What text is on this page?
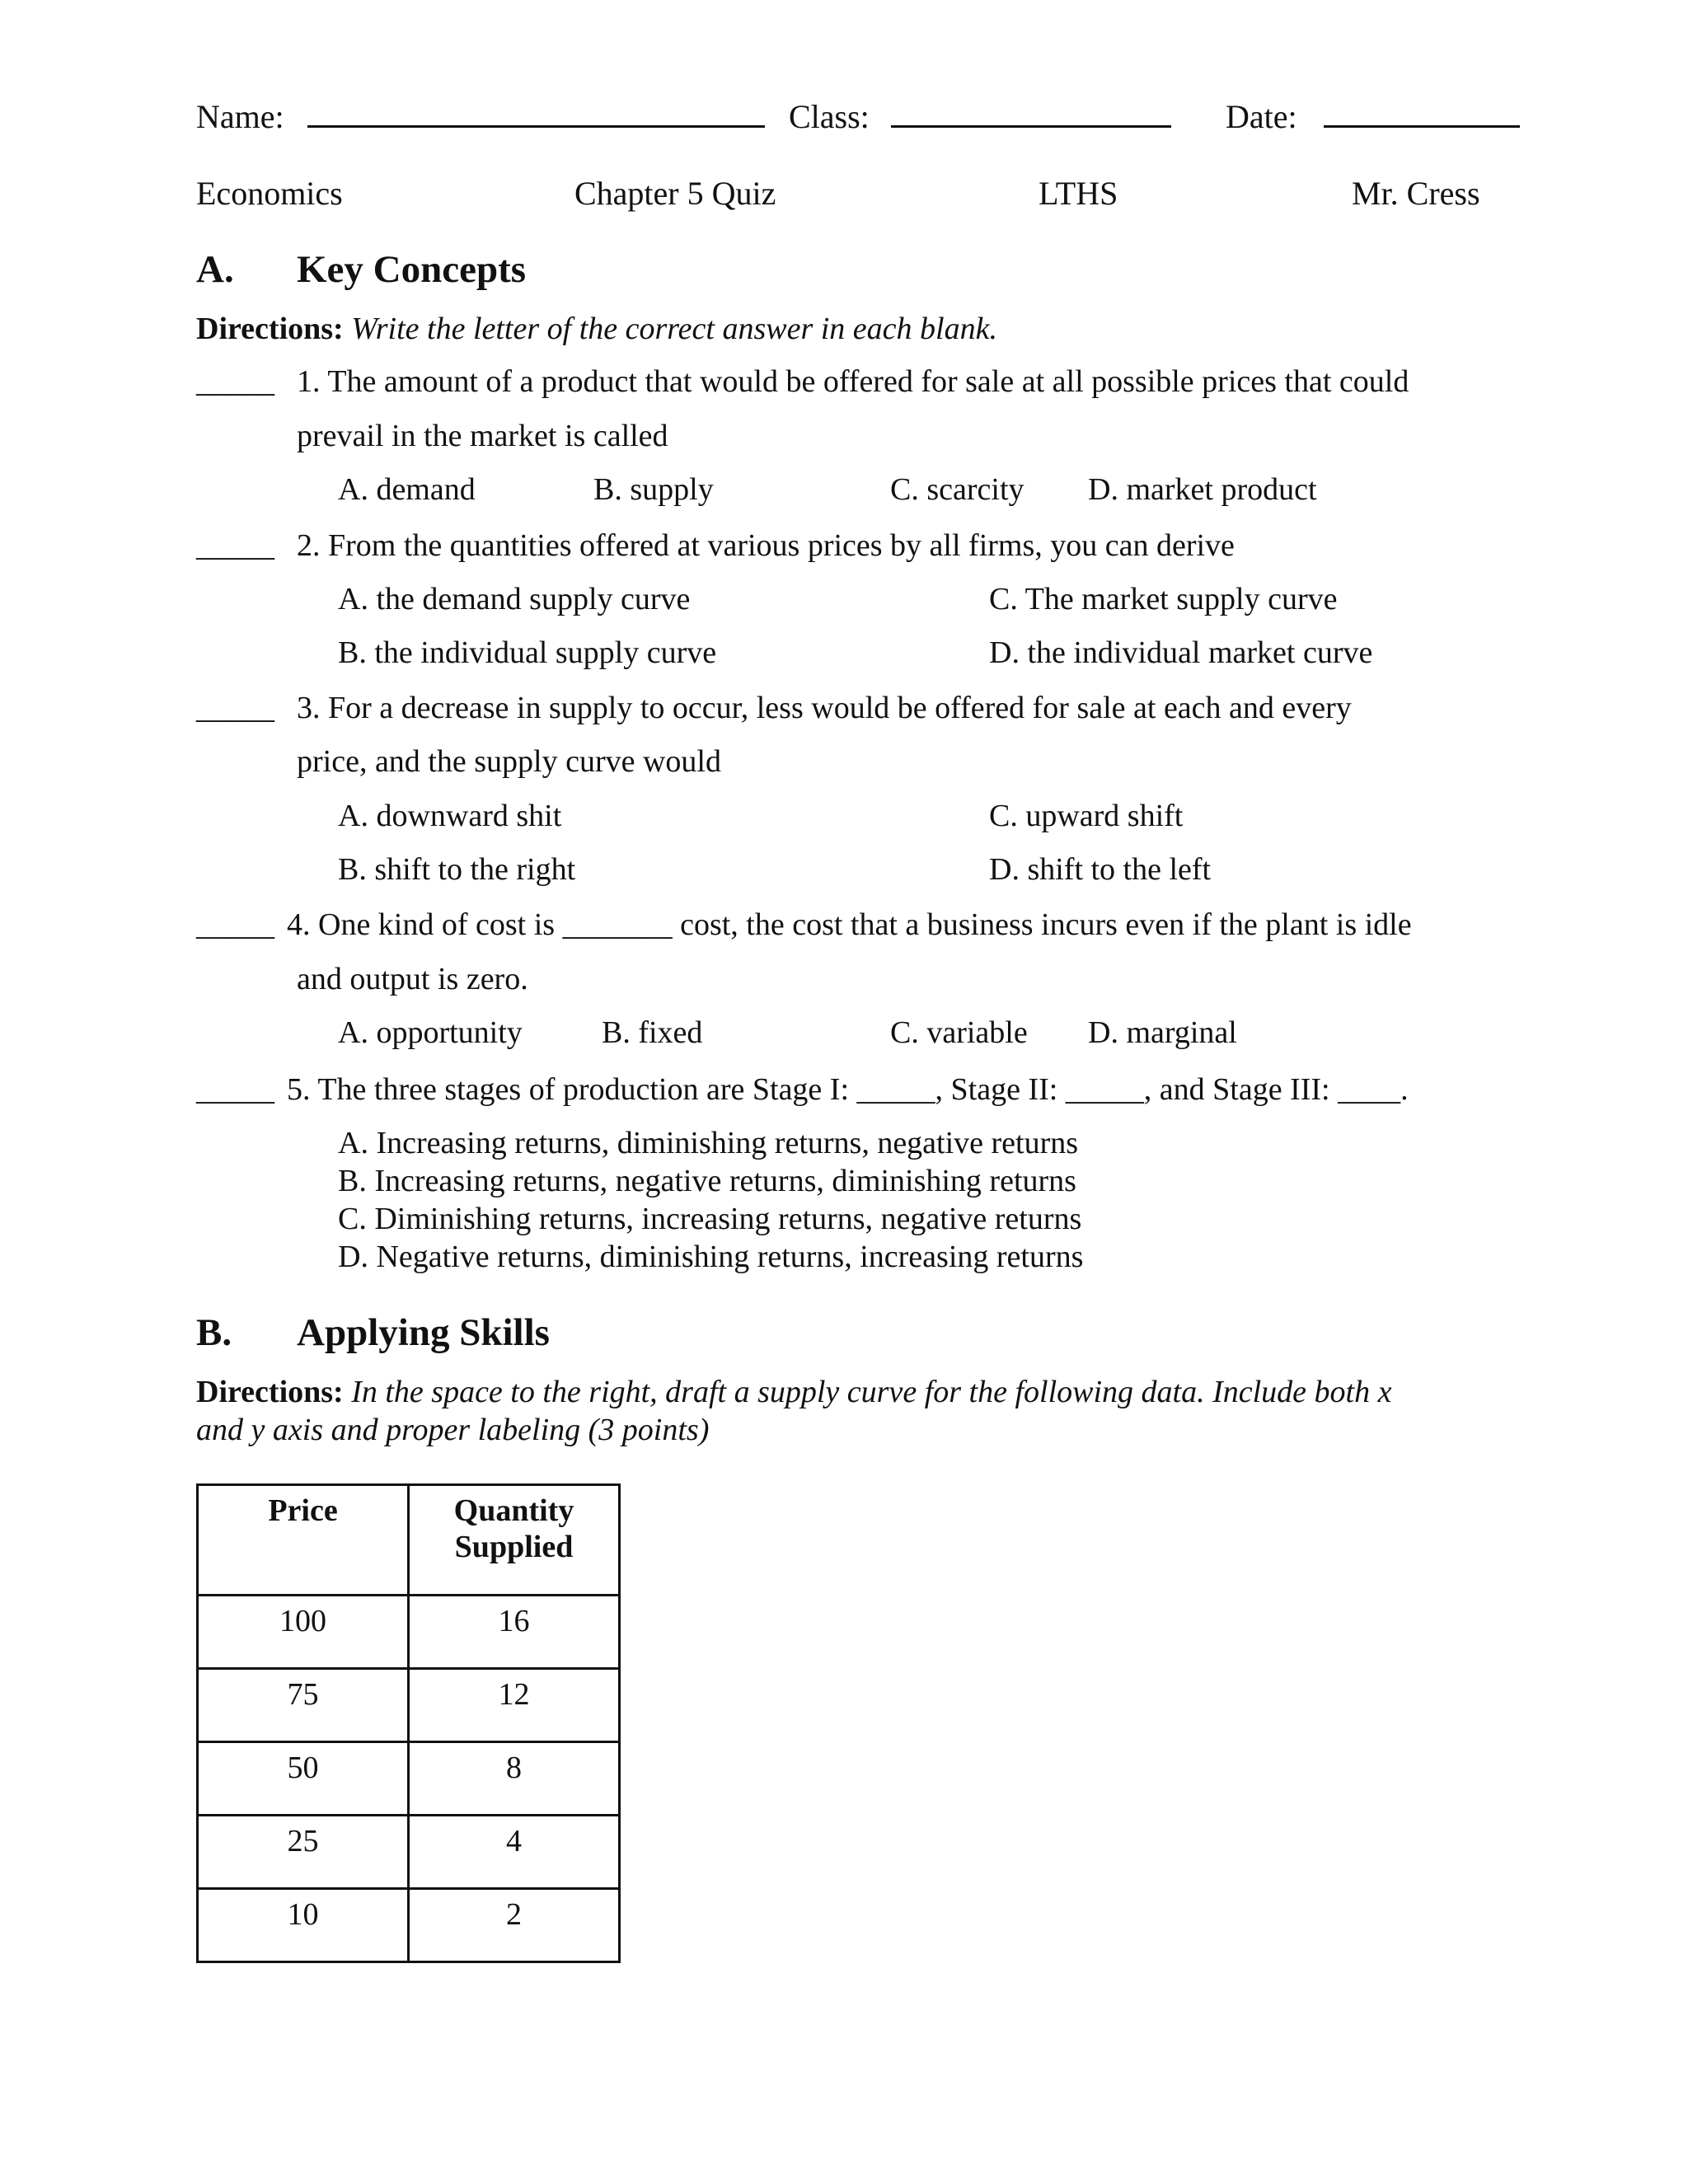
Name:	Class:	Date:
Economics	Chapter 5 Quiz	LTHS	Mr. Cress
A. Key Concepts
Directions: Write the letter of the correct answer in each blank.
_____ 1. The amount of a product that would be offered for sale at all possible prices that could
prevail in the market is called
A. demand	B. supply	C. scarcity D. market product
_____ 2. From the quantities offered at various prices by all firms, you can derive
A. the demand supply curve	C. The market supply curve
B. the individual supply curve	D. the individual market curve
_____ 3. For a decrease in supply to occur, less would be offered for sale at each and every
price, and the supply curve would
A. downward shit	C. upward shift
B. shift to the right	D. shift to the left
_____ 4. One kind of cost is _______ cost, the cost that a business incurs even if the plant is idle
and output is zero.
A. opportunity	B. fixed	C. variable D. marginal
_____ 5. The three stages of production are Stage I: _____, Stage II: _____, and Stage III: ____.
A. Increasing returns, diminishing returns, negative returns
B. Increasing returns, negative returns, diminishing returns
C. Diminishing returns, increasing returns, negative returns
D. Negative returns, diminishing returns, increasing returns
B. Applying Skills
Directions: In the space to the right, draft a supply curve for the following data. Include both x
and y axis and proper labeling (3 points)
Price	Quantity Supplied
100	16
75	12
50	8
25	4
10	2
